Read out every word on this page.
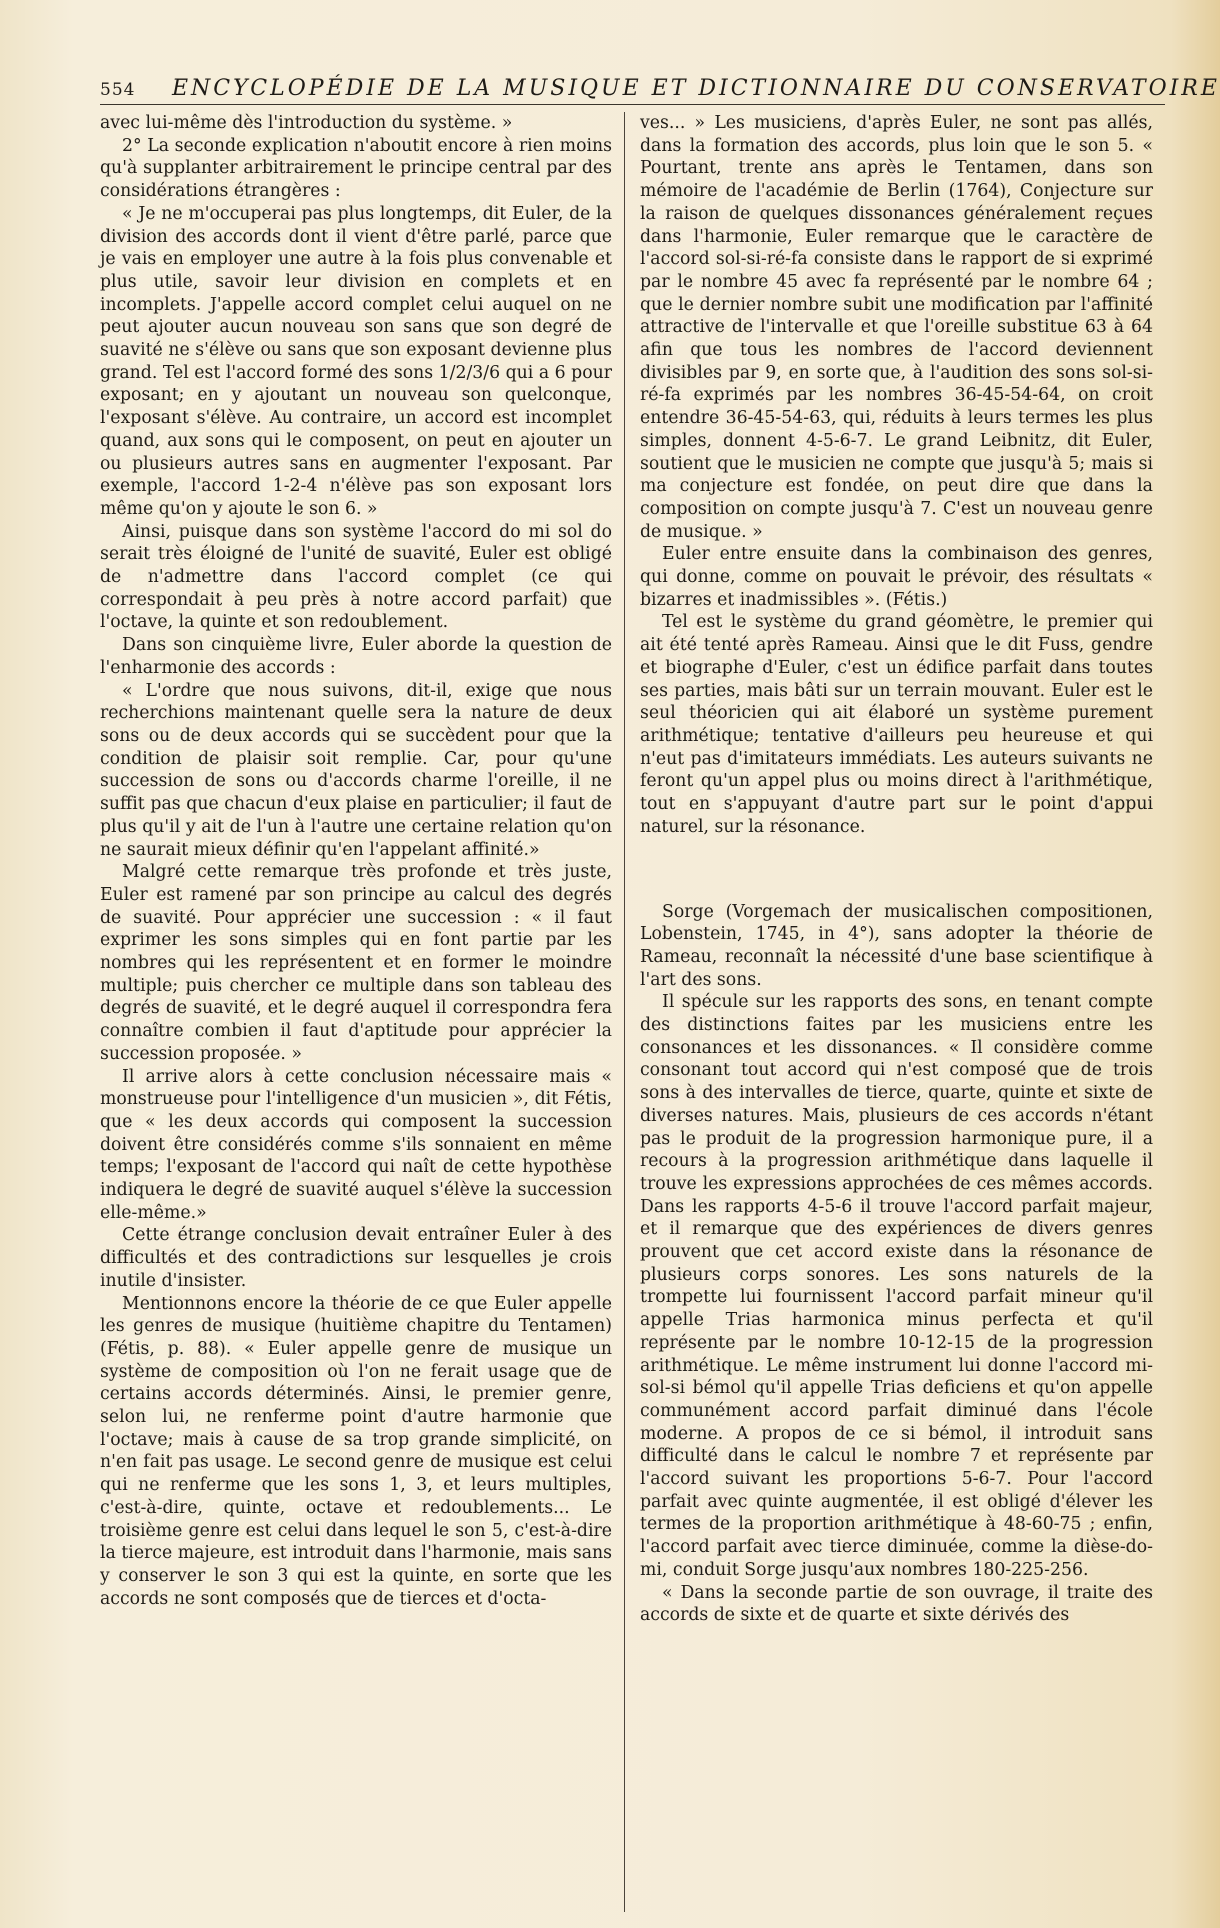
554 ENCYCLOPÉDIE DE LA MUSIQUE ET DICTIONNAIRE DU CONSERVATOIRE

avec lui-même dès l'introduction du système. »

2° La seconde explication n'aboutit encore à rien moins qu'à supplanter arbitrairement le principe central par des considérations étrangères :

« Je ne m'occuperai pas plus longtemps, dit Euler, de la division des accords dont il vient d'être parlé, parce que je vais en employer une autre à la fois plus convenable et plus utile, savoir leur division en complets et en incomplets. J'appelle accord complet celui auquel on ne peut ajouter aucun nouveau son sans que son degré de suavité ne s'élève ou sans que son exposant devienne plus grand. Tel est l'accord formé des sons 1/2/3/6 qui a 6 pour exposant; en y ajoutant un nouveau son quelconque, l'exposant s'élève. Au contraire, un accord est incomplet quand, aux sons qui le composent, on peut en ajouter un ou plusieurs autres sans en augmenter l'exposant. Par exemple, l'accord 1-2-4 n'élève pas son exposant lors même qu'on y ajoute le son 6. »

Ainsi, puisque dans son système l'accord do mi sol do serait très éloigné de l'unité de suavité, Euler est obligé de n'admettre dans l'accord complet (ce qui correspondait à peu près à notre accord parfait) que l'octave, la quinte et son redoublement.

Dans son cinquième livre, Euler aborde la question de l'enharmonie des accords :

« L'ordre que nous suivons, dit-il, exige que nous recherchions maintenant quelle sera la nature de deux sons ou de deux accords qui se succèdent pour que la condition de plaisir soit remplie. Car, pour qu'une succession de sons ou d'accords charme l'oreille, il ne suffit pas que chacun d'eux plaise en particulier; il faut de plus qu'il y ait de l'un à l'autre une certaine relation qu'on ne saurait mieux définir qu'en l'appelant affinité.»

Malgré cette remarque très profonde et très juste, Euler est ramené par son principe au calcul des degrés de suavité. Pour apprécier une succession : « il faut exprimer les sons simples qui en font partie par les nombres qui les représentent et en former le moindre multiple; puis chercher ce multiple dans son tableau des degrés de suavité, et le degré auquel il correspondra fera connaître combien il faut d'aptitude pour apprécier la succession proposée. »

Il arrive alors à cette conclusion nécessaire mais « monstrueuse pour l'intelligence d'un musicien », dit Fétis, que « les deux accords qui composent la succession doivent être considérés comme s'ils sonnaient en même temps; l'exposant de l'accord qui naît de cette hypothèse indiquera le degré de suavité auquel s'élève la succession elle-même.»

Cette étrange conclusion devait entraîner Euler à des difficultés et des contradictions sur lesquelles je crois inutile d'insister.

Mentionnons encore la théorie de ce que Euler appelle les genres de musique (huitième chapitre du Tentamen) (Fétis, p. 88). « Euler appelle genre de musique un système de composition où l'on ne ferait usage que de certains accords déterminés. Ainsi, le premier genre, selon lui, ne renferme point d'autre harmonie que l'octave; mais à cause de sa trop grande simplicité, on n'en fait pas usage. Le second genre de musique est celui qui ne renferme que les sons 1, 3, et leurs multiples, c'est-à-dire, quinte, octave et redoublements... Le troisième genre est celui dans lequel le son 5, c'est-à-dire la tierce majeure, est introduit dans l'harmonie, mais sans y conserver le son 3 qui est la quinte, en sorte que les accords ne sont composés que de tierces et d'octa-

ves... » Les musiciens, d'après Euler, ne sont pas allés, dans la formation des accords, plus loin que le son 5. « Pourtant, trente ans après le Tentamen, dans son mémoire de l'académie de Berlin (1764), Conjecture sur la raison de quelques dissonances généralement reçues dans l'harmonie, Euler remarque que le caractère de l'accord sol-si-ré-fa consiste dans le rapport de si exprimé par le nombre 45 avec fa représenté par le nombre 64 ; que le dernier nombre subit une modification par l'affinité attractive de l'intervalle et que l'oreille substitue 63 à 64 afin que tous les nombres de l'accord deviennent divisibles par 9, en sorte que, à l'audition des sons sol-si-ré-fa exprimés par les nombres 36-45-54-64, on croit entendre 36-45-54-63, qui, réduits à leurs termes les plus simples, donnent 4-5-6-7. Le grand Leibnitz, dit Euler, soutient que le musicien ne compte que jusqu'à 5; mais si ma conjecture est fondée, on peut dire que dans la composition on compte jusqu'à 7. C'est un nouveau genre de musique. »

Euler entre ensuite dans la combinaison des genres, qui donne, comme on pouvait le prévoir, des résultats « bizarres et inadmissibles ». (Fétis.)

Tel est le système du grand géomètre, le premier qui ait été tenté après Rameau. Ainsi que le dit Fuss, gendre et biographe d'Euler, c'est un édifice parfait dans toutes ses parties, mais bâti sur un terrain mouvant. Euler est le seul théoricien qui ait élaboré un système purement arithmétique; tentative d'ailleurs peu heureuse et qui n'eut pas d'imitateurs immédiats. Les auteurs suivants ne feront qu'un appel plus ou moins direct à l'arithmétique, tout en s'appuyant d'autre part sur le point d'appui naturel, sur la résonance.

Sorge (Vorgemach der musicalischen compositionen, Lobenstein, 1745, in 4°), sans adopter la théorie de Rameau, reconnaît la nécessité d'une base scientifique à l'art des sons.

Il spécule sur les rapports des sons, en tenant compte des distinctions faites par les musiciens entre les consonances et les dissonances. « Il considère comme consonant tout accord qui n'est composé que de trois sons à des intervalles de tierce, quarte, quinte et sixte de diverses natures. Mais, plusieurs de ces accords n'étant pas le produit de la progression harmonique pure, il a recours à la progression arithmétique dans laquelle il trouve les expressions approchées de ces mêmes accords. Dans les rapports 4-5-6 il trouve l'accord parfait majeur, et il remarque que des expériences de divers genres prouvent que cet accord existe dans la résonance de plusieurs corps sonores. Les sons naturels de la trompette lui fournissent l'accord parfait mineur qu'il appelle Trias harmonica minus perfecta et qu'il représente par le nombre 10-12-15 de la progression arithmétique. Le même instrument lui donne l'accord mi-sol-si bémol qu'il appelle Trias deficiens et qu'on appelle communément accord parfait diminué dans l'école moderne. A propos de ce si bémol, il introduit sans difficulté dans le calcul le nombre 7 et représente par l'accord suivant les proportions 5-6-7. Pour l'accord parfait avec quinte augmentée, il est obligé d'élever les termes de la proportion arithmétique à 48-60-75 ; enfin, l'accord parfait avec tierce diminuée, comme la dièse-do-mi, conduit Sorge jusqu'aux nombres 180-225-256.

« Dans la seconde partie de son ouvrage, il traite des accords de sixte et de quarte et sixte dérivés des
